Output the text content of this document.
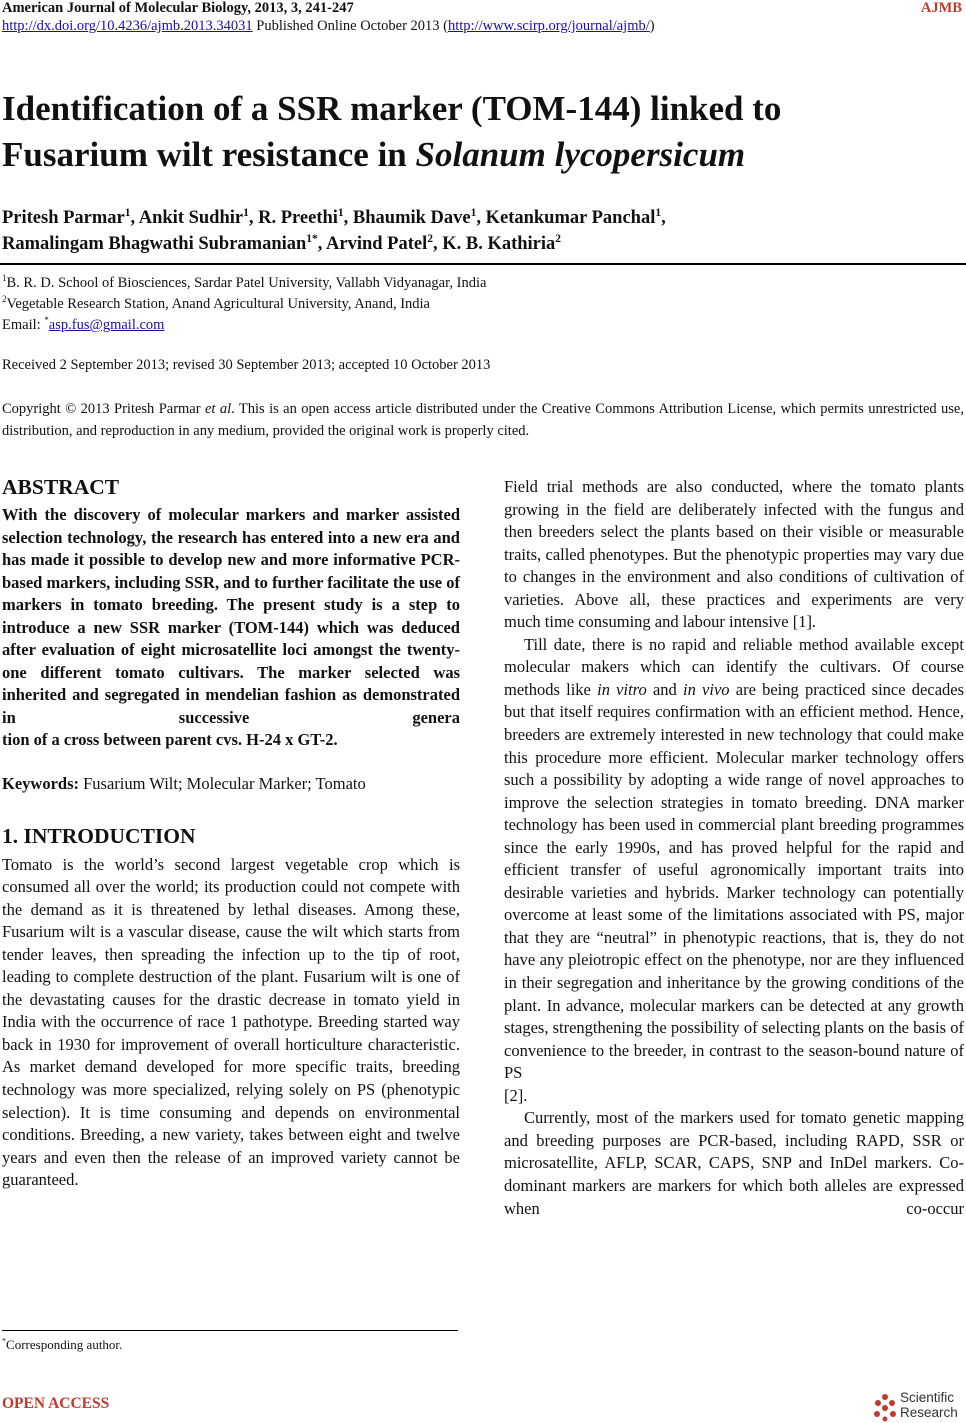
American Journal of Molecular Biology, 2013, 3, 241-247	AJMB
http://dx.doi.org/10.4236/ajmb.2013.34031 Published Online October 2013 (http://www.scirp.org/journal/ajmb/)
Identification of a SSR marker (TOM-144) linked to
Fusarium wilt resistance in Solanum lycopersicum
Pritesh Parmar$^1$, Ankit Sudhir$^1$, R. Preethi$^1$, Bhaumik Dave$^1$, Ketankumar Panchal$^1$,
Ramalingam Bhagwathi Subramanian$^{1*}$, Arvind Patel$^2$, K. B. Kathiria$^2$
$^1$B. R. D. School of Biosciences, Sardar Patel University, Vallabh Vidyanagar, India
$^2$Vegetable Research Station, Anand Agricultural University, Anand, India
Email: *asp.fus@gmail.com
Received 2 September 2013; revised 30 September 2013; accepted 10 October 2013
Copyright © 2013 Pritesh Parmar et al. This is an open access article distributed under the Creative Commons Attribution License, which permits unrestricted use, distribution, and reproduction in any medium, provided the original work is properly cited.
ABSTRACT
With the discovery of molecular markers and marker assisted selection technology, the research has entered into a new era and has made it possible to develop new and more informative PCR-based markers, including SSR, and to further facilitate the use of markers in tomato breeding. The present study is a step to introduce a new SSR marker (TOM-144) which was deduced after evaluation of eight microsatellite loci amongst the twenty-one different tomato cultivars. The marker selected was inherited and segregated in mendelian fashion as demonstrated in successive genera
tion of a cross between parent cvs. H-24 x GT-2.
Keywords: Fusarium Wilt; Molecular Marker; Tomato
1. INTRODUCTION

Tomato is the world’s second largest vegetable crop which is consumed all over the world; its production could not compete with the demand as it is threatened by lethal diseases. Among these, Fusarium wilt is a vascular disease, cause the wilt which starts from tender leaves, then spreading the infection up to the tip of root, leading to complete destruction of the plant. Fusarium wilt is one of the devastating causes for the drastic decrease in tomato yield in India with the occurrence of race 1 pathotype. Breeding started way back in 1930 for improvement of overall horticulture characteristic. As market demand developed for more specific traits, breeding technology was more specialized, relying solely on PS (phenotypic selection). It is time consuming and depends on environmental conditions. Breeding, a new variety, takes between eight and twelve years and even then the release of an improved variety cannot be guaranteed.

Field trial methods are also conducted, where the tomato plants growing in the field are deliberately infected with the fungus and then breeders select the plants based on their visible or measurable traits, called phenotypes. But the phenotypic properties may vary due to changes in the environment and also conditions of cultivation of varieties. Above all, these practices and experiments are very

much time consuming and labour intensive [1].

Till date, there is no rapid and reliable method available except molecular makers which can identify the cultivars. Of course methods like in vitro and in vivo are being practiced since decades but that itself requires confirmation with an efficient method. Hence, breeders are extremely interested in new technology that could make this procedure more efficient. Molecular marker technology offers such a possibility by adopting a wide range of novel approaches to improve the selection strategies in tomato breeding. DNA marker technology has been used in commercial plant breeding programmes since the early 1990s, and has proved helpful for the rapid and efficient transfer of useful agronomically important traits into desirable varieties and hybrids. Marker technology can potentially overcome at least some of the limitations associated with PS, major that they are “neutral” in phenotypic reactions, that is, they do not have any pleiotropic effect on the phenotype, nor are they influenced in their segregation and inheritance by the growing conditions of the plant. In advance, molecular markers can be detected at any growth stages, strengthening the possibility of selecting plants on the basis of convenience to the breeder, in contrast to the season-bound nature of PS

[2].

Currently, most of the markers used for tomato genetic mapping and breeding purposes are PCR-based, including RAPD, SSR or microsatellite, AFLP, SCAR, CAPS, SNP and InDel markers. Co-dominant markers are markers for which both alleles are expressed when co-occur

*Corresponding author.
OPEN ACCESS	Scientific
Research
